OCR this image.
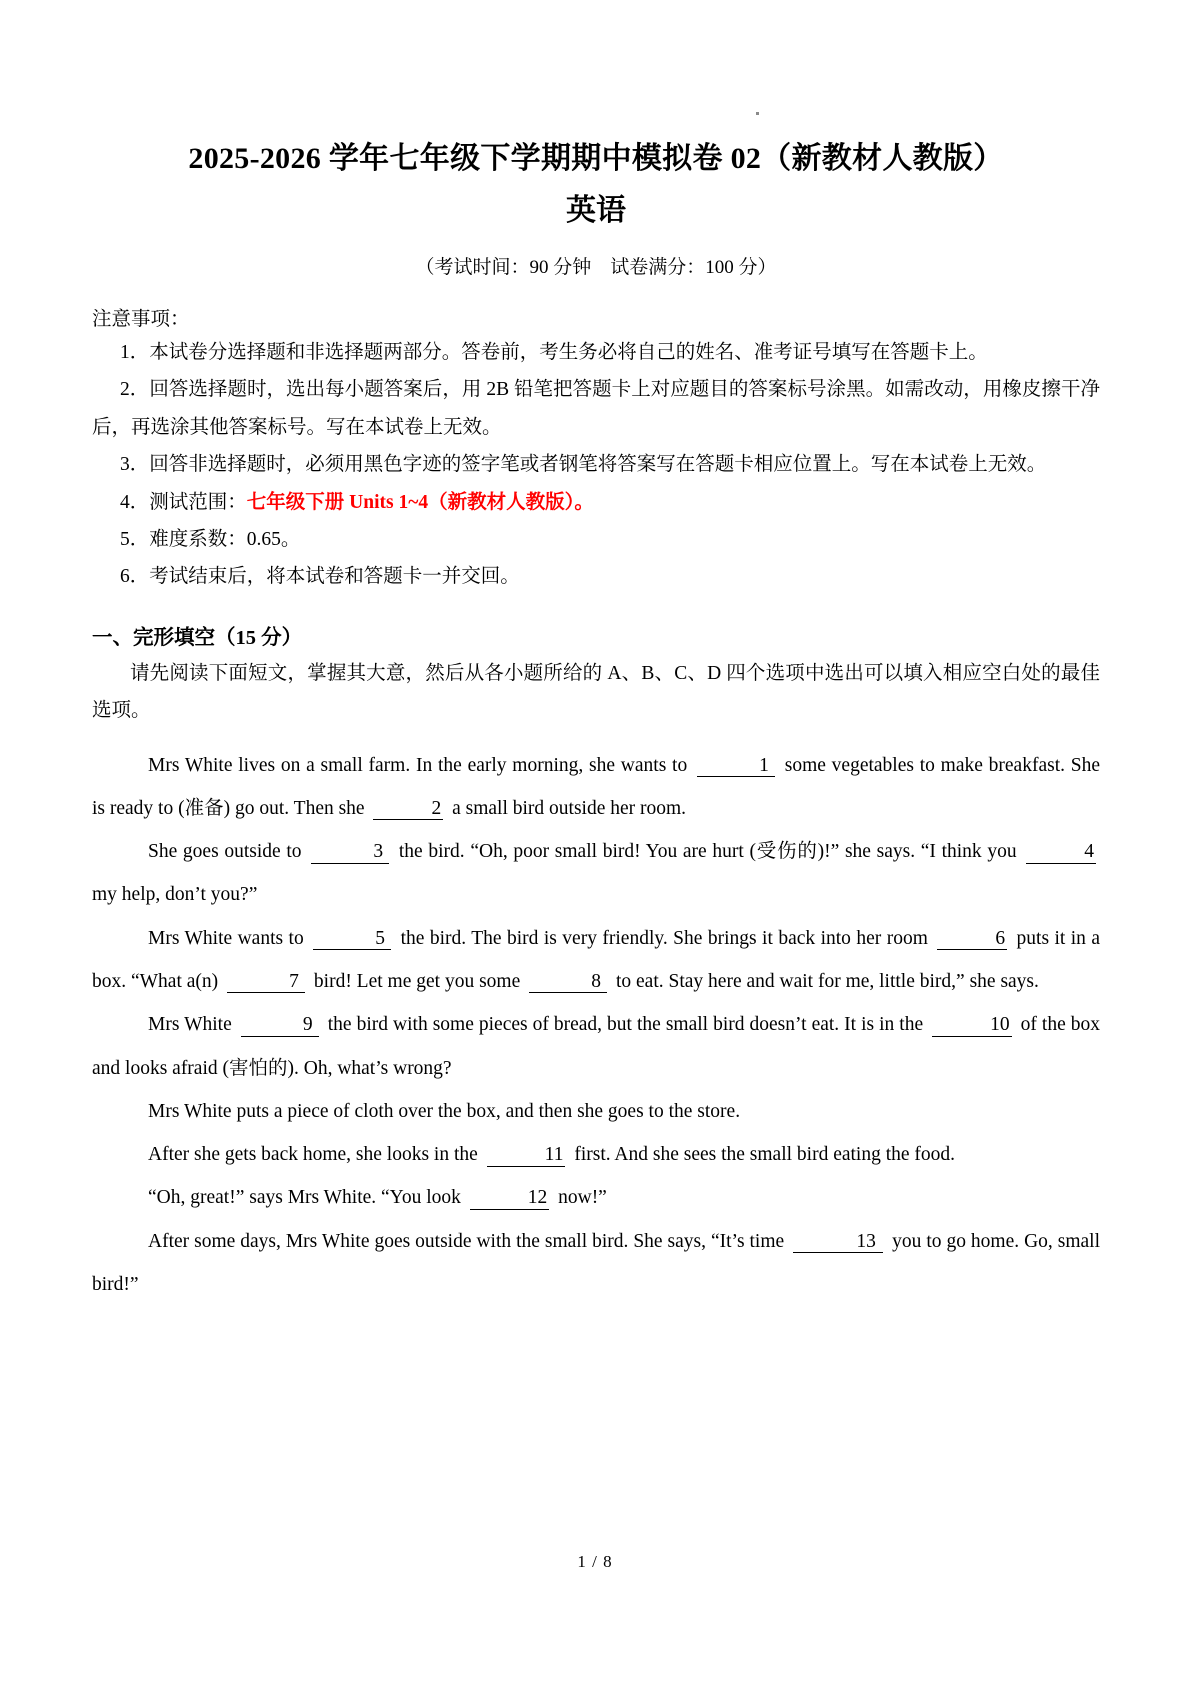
2025-2026 学年七年级下学期期中模拟卷 02（新教材人教版）
英语

（考试时间：90 分钟　试卷满分：100 分）

注意事项：

1．本试卷分选择题和非选择题两部分。答卷前，考生务必将自己的姓名、准考证号填写在答题卡上。

2．回答选择题时，选出每小题答案后，用 2B 铅笔把答题卡上对应题目的答案标号涂黑。如需改动，用橡皮擦干净后，再选涂其他答案标号。写在本试卷上无效。

3．回答非选择题时，必须用黑色字迹的签字笔或者钢笔将答案写在答题卡相应位置上。写在本试卷上无效。

4．测试范围：七年级下册 Units 1~4（新教材人教版）。

5．难度系数：0.65。

6．考试结束后，将本试卷和答题卡一并交回。

一、完形填空（15 分）

请先阅读下面短文，掌握其大意，然后从各小题所给的 A、B、C、D 四个选项中选出可以填入相应空白处的最佳选项。

Mrs White lives on a small farm. In the early morning, she wants to	1 some vegetables to make breakfast. She is ready to (准备) go out. Then she	2 a small bird outside her room.

She goes outside to	3 the bird. “Oh, poor small bird! You are hurt (受伤的)!” she says. “I think you	4 my help, don’t you?”

Mrs White wants to	5 the bird. The bird is very friendly. She brings it back into her room	6 puts it in a box. “What a(n)	7 bird! Let me get you some	8 to eat. Stay here and wait for me, little bird,” she says.

Mrs White	9 the bird with some pieces of bread, but the small bird doesn’t eat. It is in the	10 of the box and looks afraid (害怕的). Oh, what’s wrong?

Mrs White puts a piece of cloth over the box, and then she goes to the store.

After she gets back home, she looks in the	11 first. And she sees the small bird eating the food.

“Oh, great!” says Mrs White. “You look	12 now!”

After some days, Mrs White goes outside with the small bird. She says, “It’s time	13 you to go home. Go, small bird!”

1 / 8
